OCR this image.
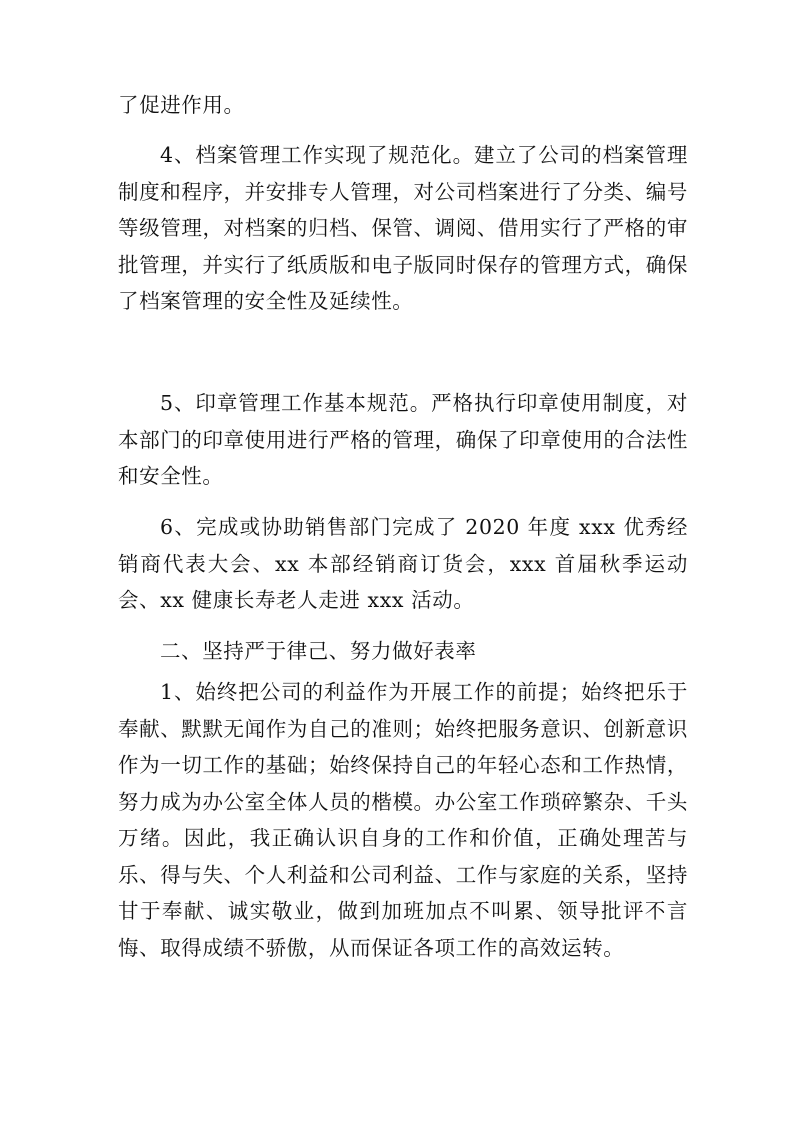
了促进作用。

4、档案管理工作实现了规范化。建立了公司的档案管理制度和程序，并安排专人管理，对公司档案进行了分类、编号等级管理，对档案的归档、保管、调阅、借用实行了严格的审批管理，并实行了纸质版和电子版同时保存的管理方式，确保了档案管理的安全性及延续性。

5、印章管理工作基本规范。严格执行印章使用制度，对本部门的印章使用进行严格的管理，确保了印章使用的合法性和安全性。

6、完成或协助销售部门完成了 2020 年度 xxx 优秀经销商代表大会、xx 本部经销商订货会，xxx 首届秋季运动会、xx 健康长寿老人走进 xxx 活动。

二、坚持严于律己、努力做好表率

1、始终把公司的利益作为开展工作的前提；始终把乐于奉献、默默无闻作为自己的准则；始终把服务意识、创新意识作为一切工作的基础；始终保持自己的年轻心态和工作热情，努力成为办公室全体人员的楷模。办公室工作琐碎繁杂、千头万绪。因此，我正确认识自身的工作和价值，正确处理苦与乐、得与失、个人利益和公司利益、工作与家庭的关系，坚持甘于奉献、诚实敬业，做到加班加点不叫累、领导批评不言悔、取得成绩不骄傲，从而保证各项工作的高效运转。
